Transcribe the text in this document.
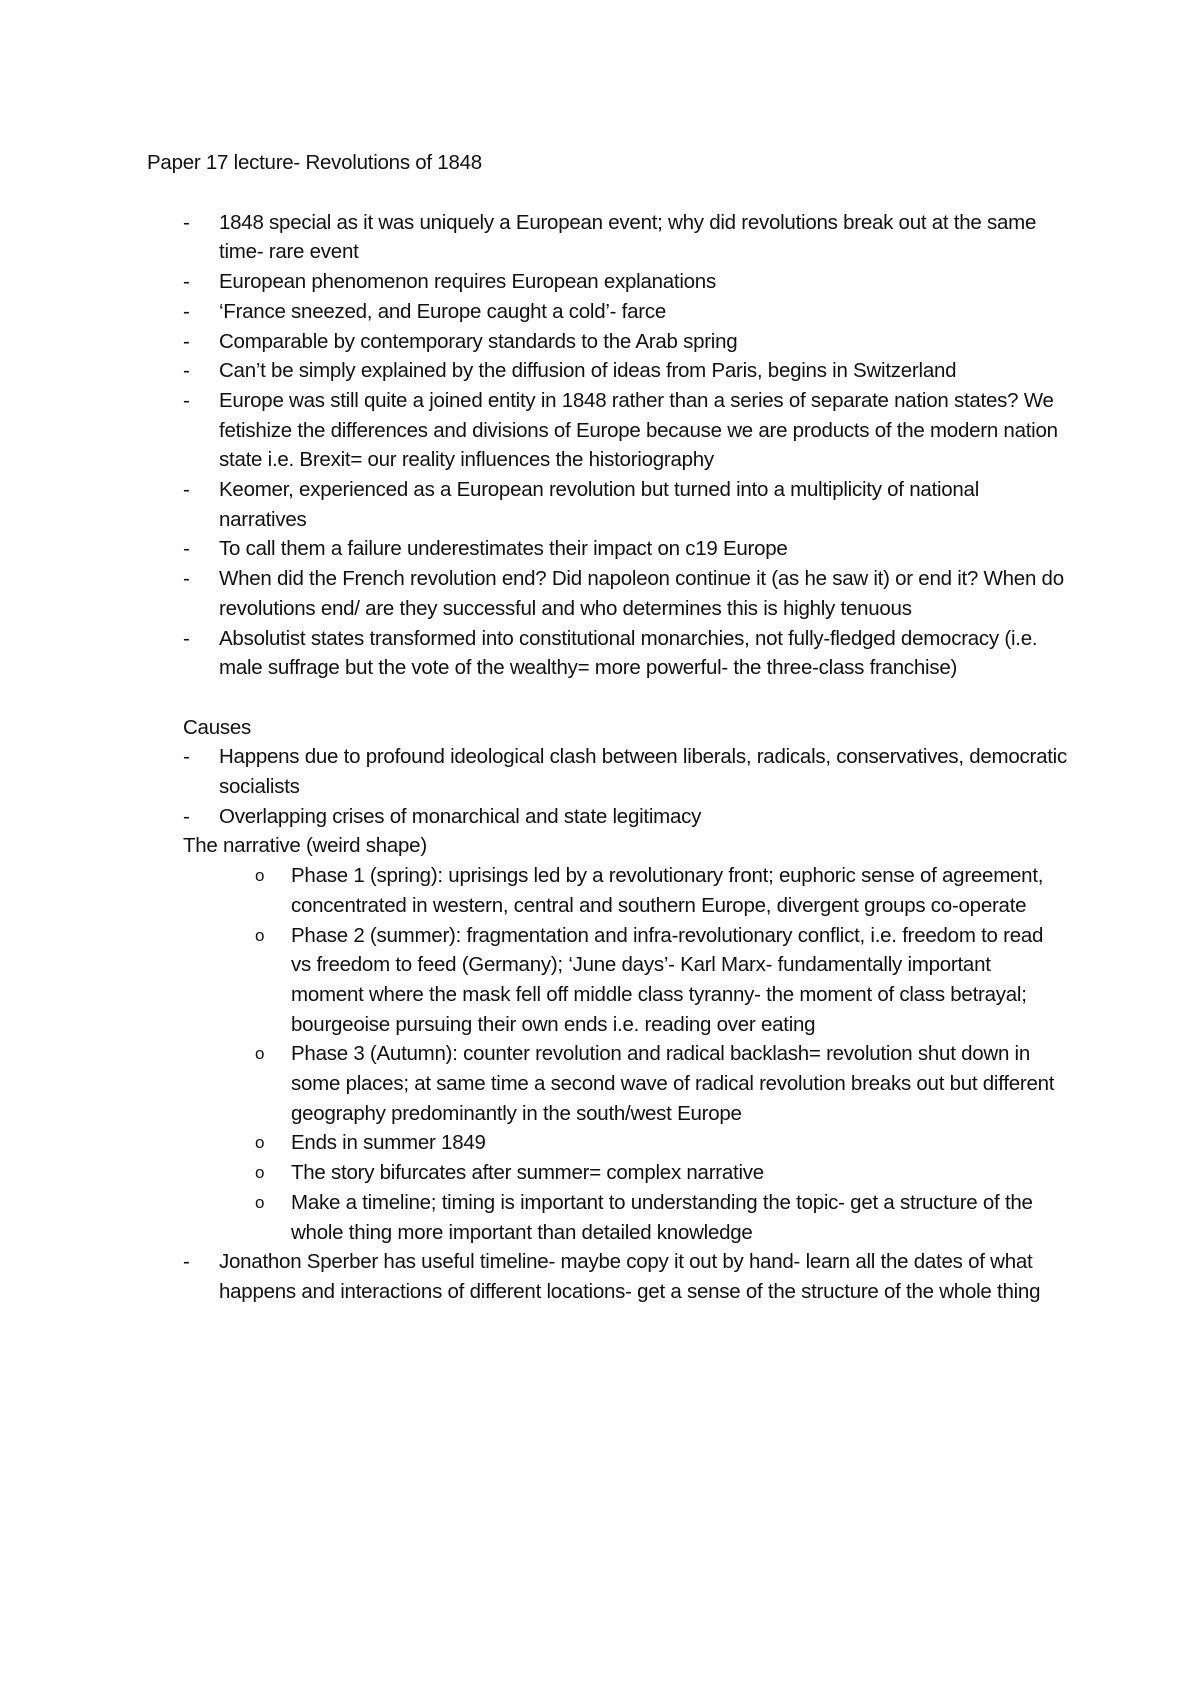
Paper 17 lecture- Revolutions of 1848
- 1848 special as it was uniquely a European event; why did revolutions break out at the same time- rare event
- European phenomenon requires European explanations
- ‘France sneezed, and Europe caught a cold’- farce
- Comparable by contemporary standards to the Arab spring
- Can’t be simply explained by the diffusion of ideas from Paris, begins in Switzerland
- Europe was still quite a joined entity in 1848 rather than a series of separate nation states? We fetishize the differences and divisions of Europe because we are products of the modern nation state i.e. Brexit= our reality influences the historiography
- Keomer, experienced as a European revolution but turned into a multiplicity of national narratives
- To call them a failure underestimates their impact on c19 Europe
- When did the French revolution end? Did napoleon continue it (as he saw it) or end it? When do revolutions end/ are they successful and who determines this is highly tenuous
- Absolutist states transformed into constitutional monarchies, not fully-fledged democracy (i.e. male suffrage but the vote of the wealthy= more powerful- the three-class franchise)
Causes
- Happens due to profound ideological clash between liberals, radicals, conservatives, democratic socialists
- Overlapping crises of monarchical and state legitimacy
The narrative (weird shape)
o Phase 1 (spring): uprisings led by a revolutionary front; euphoric sense of agreement, concentrated in western, central and southern Europe, divergent groups co-operate
o Phase 2 (summer): fragmentation and infra-revolutionary conflict, i.e. freedom to read vs freedom to feed (Germany); ‘June days’- Karl Marx- fundamentally important moment where the mask fell off middle class tyranny- the moment of class betrayal; bourgeoise pursuing their own ends i.e. reading over eating
o Phase 3 (Autumn): counter revolution and radical backlash= revolution shut down in some places; at same time a second wave of radical revolution breaks out but different geography predominantly in the south/west Europe
o Ends in summer 1849
o The story bifurcates after summer= complex narrative
o Make a timeline; timing is important to understanding the topic- get a structure of the whole thing more important than detailed knowledge
- Jonathon Sperber has useful timeline- maybe copy it out by hand- learn all the dates of what happens and interactions of different locations- get a sense of the structure of the whole thing
